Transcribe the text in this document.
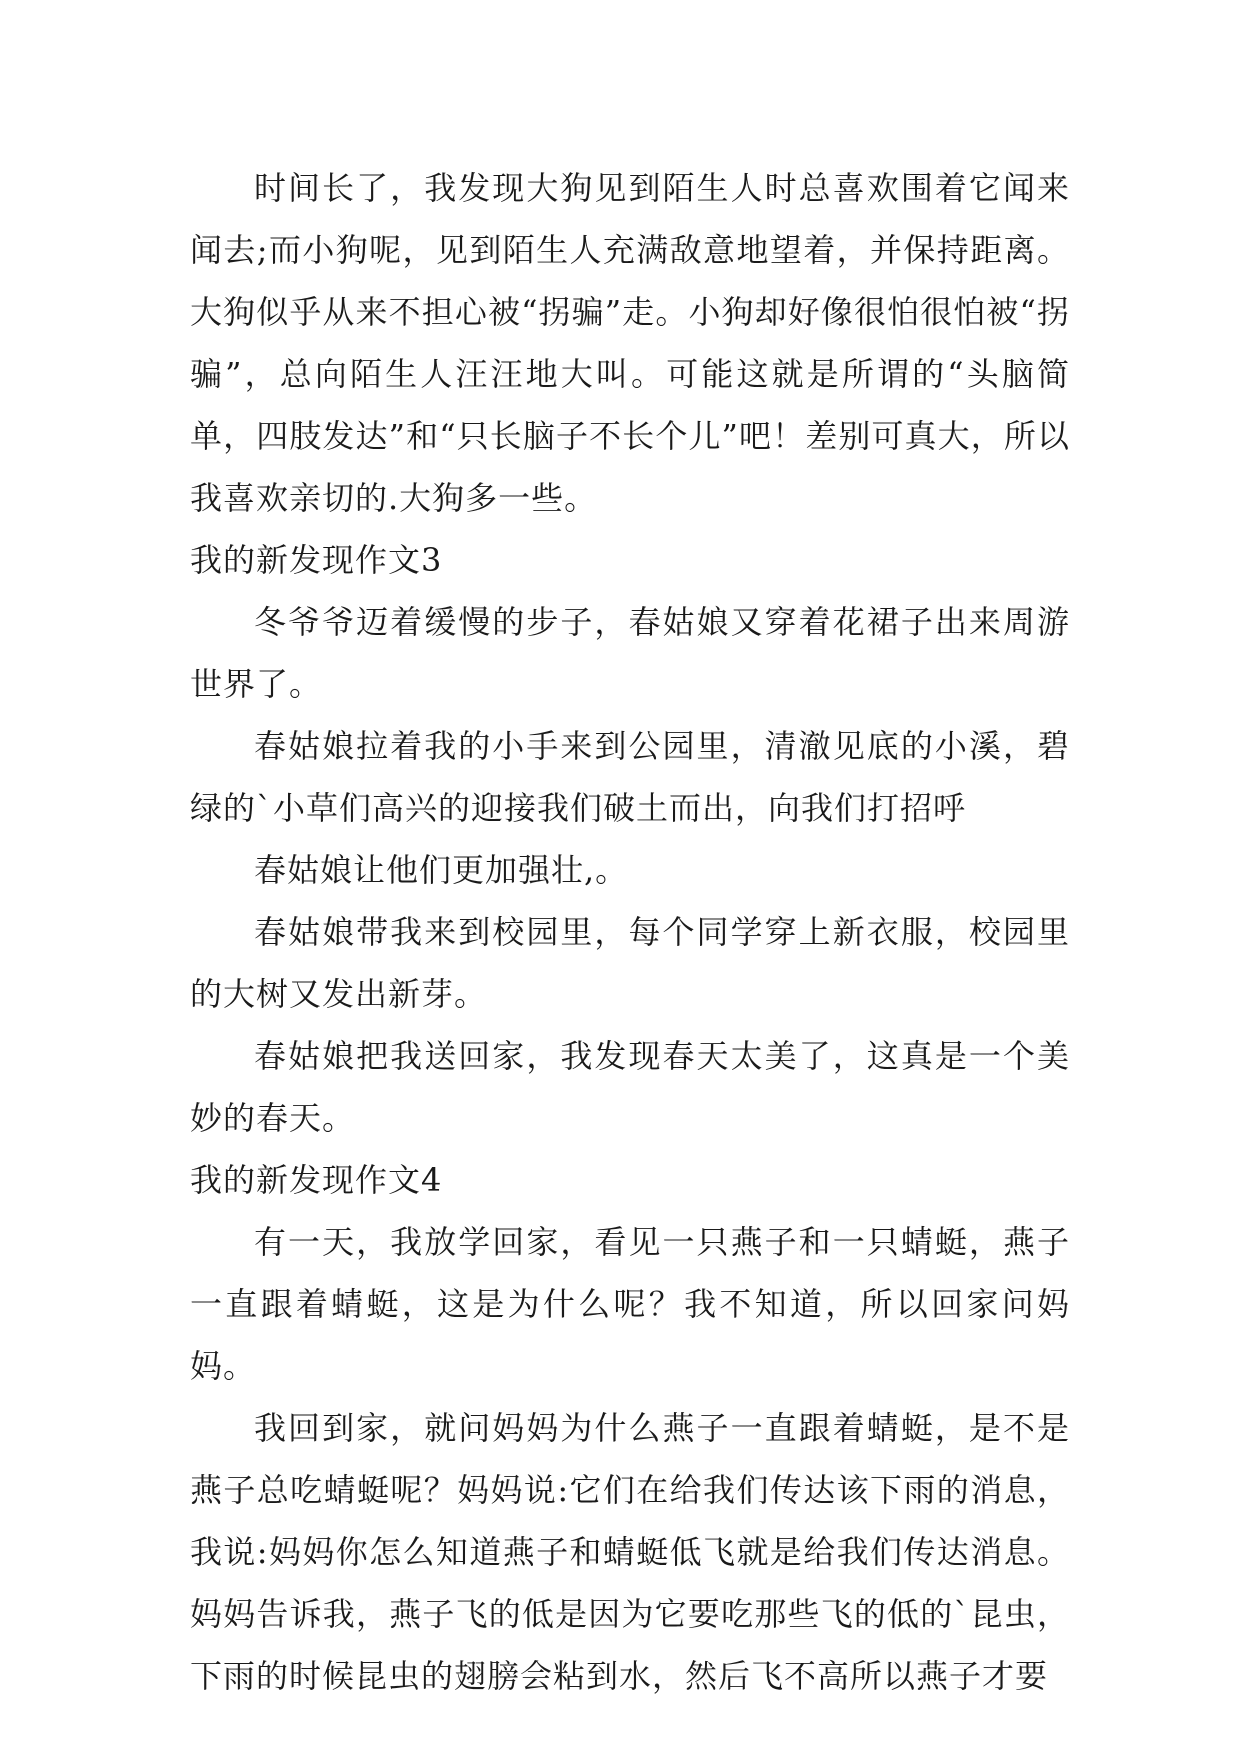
时间长了，我发现大狗见到陌生人时总喜欢围着它闻来闻去;而小狗呢，见到陌生人充满敌意地望着，并保持距离。大狗似乎从来不担心被“拐骗”走。小狗却好像很怕很怕被“拐骗”，总向陌生人汪汪地大叫。可能这就是所谓的“头脑简单，四肢发达”和“只长脑子不长个儿”吧！差别可真大，所以我喜欢亲切的.大狗多一些。

我的新发现作文3

冬爷爷迈着缓慢的步子，春姑娘又穿着花裙子出来周游世界了。

春姑娘拉着我的小手来到公园里，清澈见底的小溪，碧绿的`小草们高兴的迎接我们破土而出，向我们打招呼

春姑娘让他们更加强壮,。

春姑娘带我来到校园里，每个同学穿上新衣服，校园里的大树又发出新芽。

春姑娘把我送回家，我发现春天太美了，这真是一个美妙的春天。

我的新发现作文4

有一天，我放学回家，看见一只燕子和一只蜻蜓，燕子一直跟着蜻蜓，这是为什么呢？我不知道，所以回家问妈妈。

我回到家，就问妈妈为什么燕子一直跟着蜻蜓，是不是燕子总吃蜻蜓呢？妈妈说:它们在给我们传达该下雨的消息，我说:妈妈你怎么知道燕子和蜻蜓低飞就是给我们传达消息。妈妈告诉我，燕子飞的低是因为它要吃那些飞的低的`昆虫，下雨的时候昆虫的翅膀会粘到水，然后飞不高所以燕子才要
